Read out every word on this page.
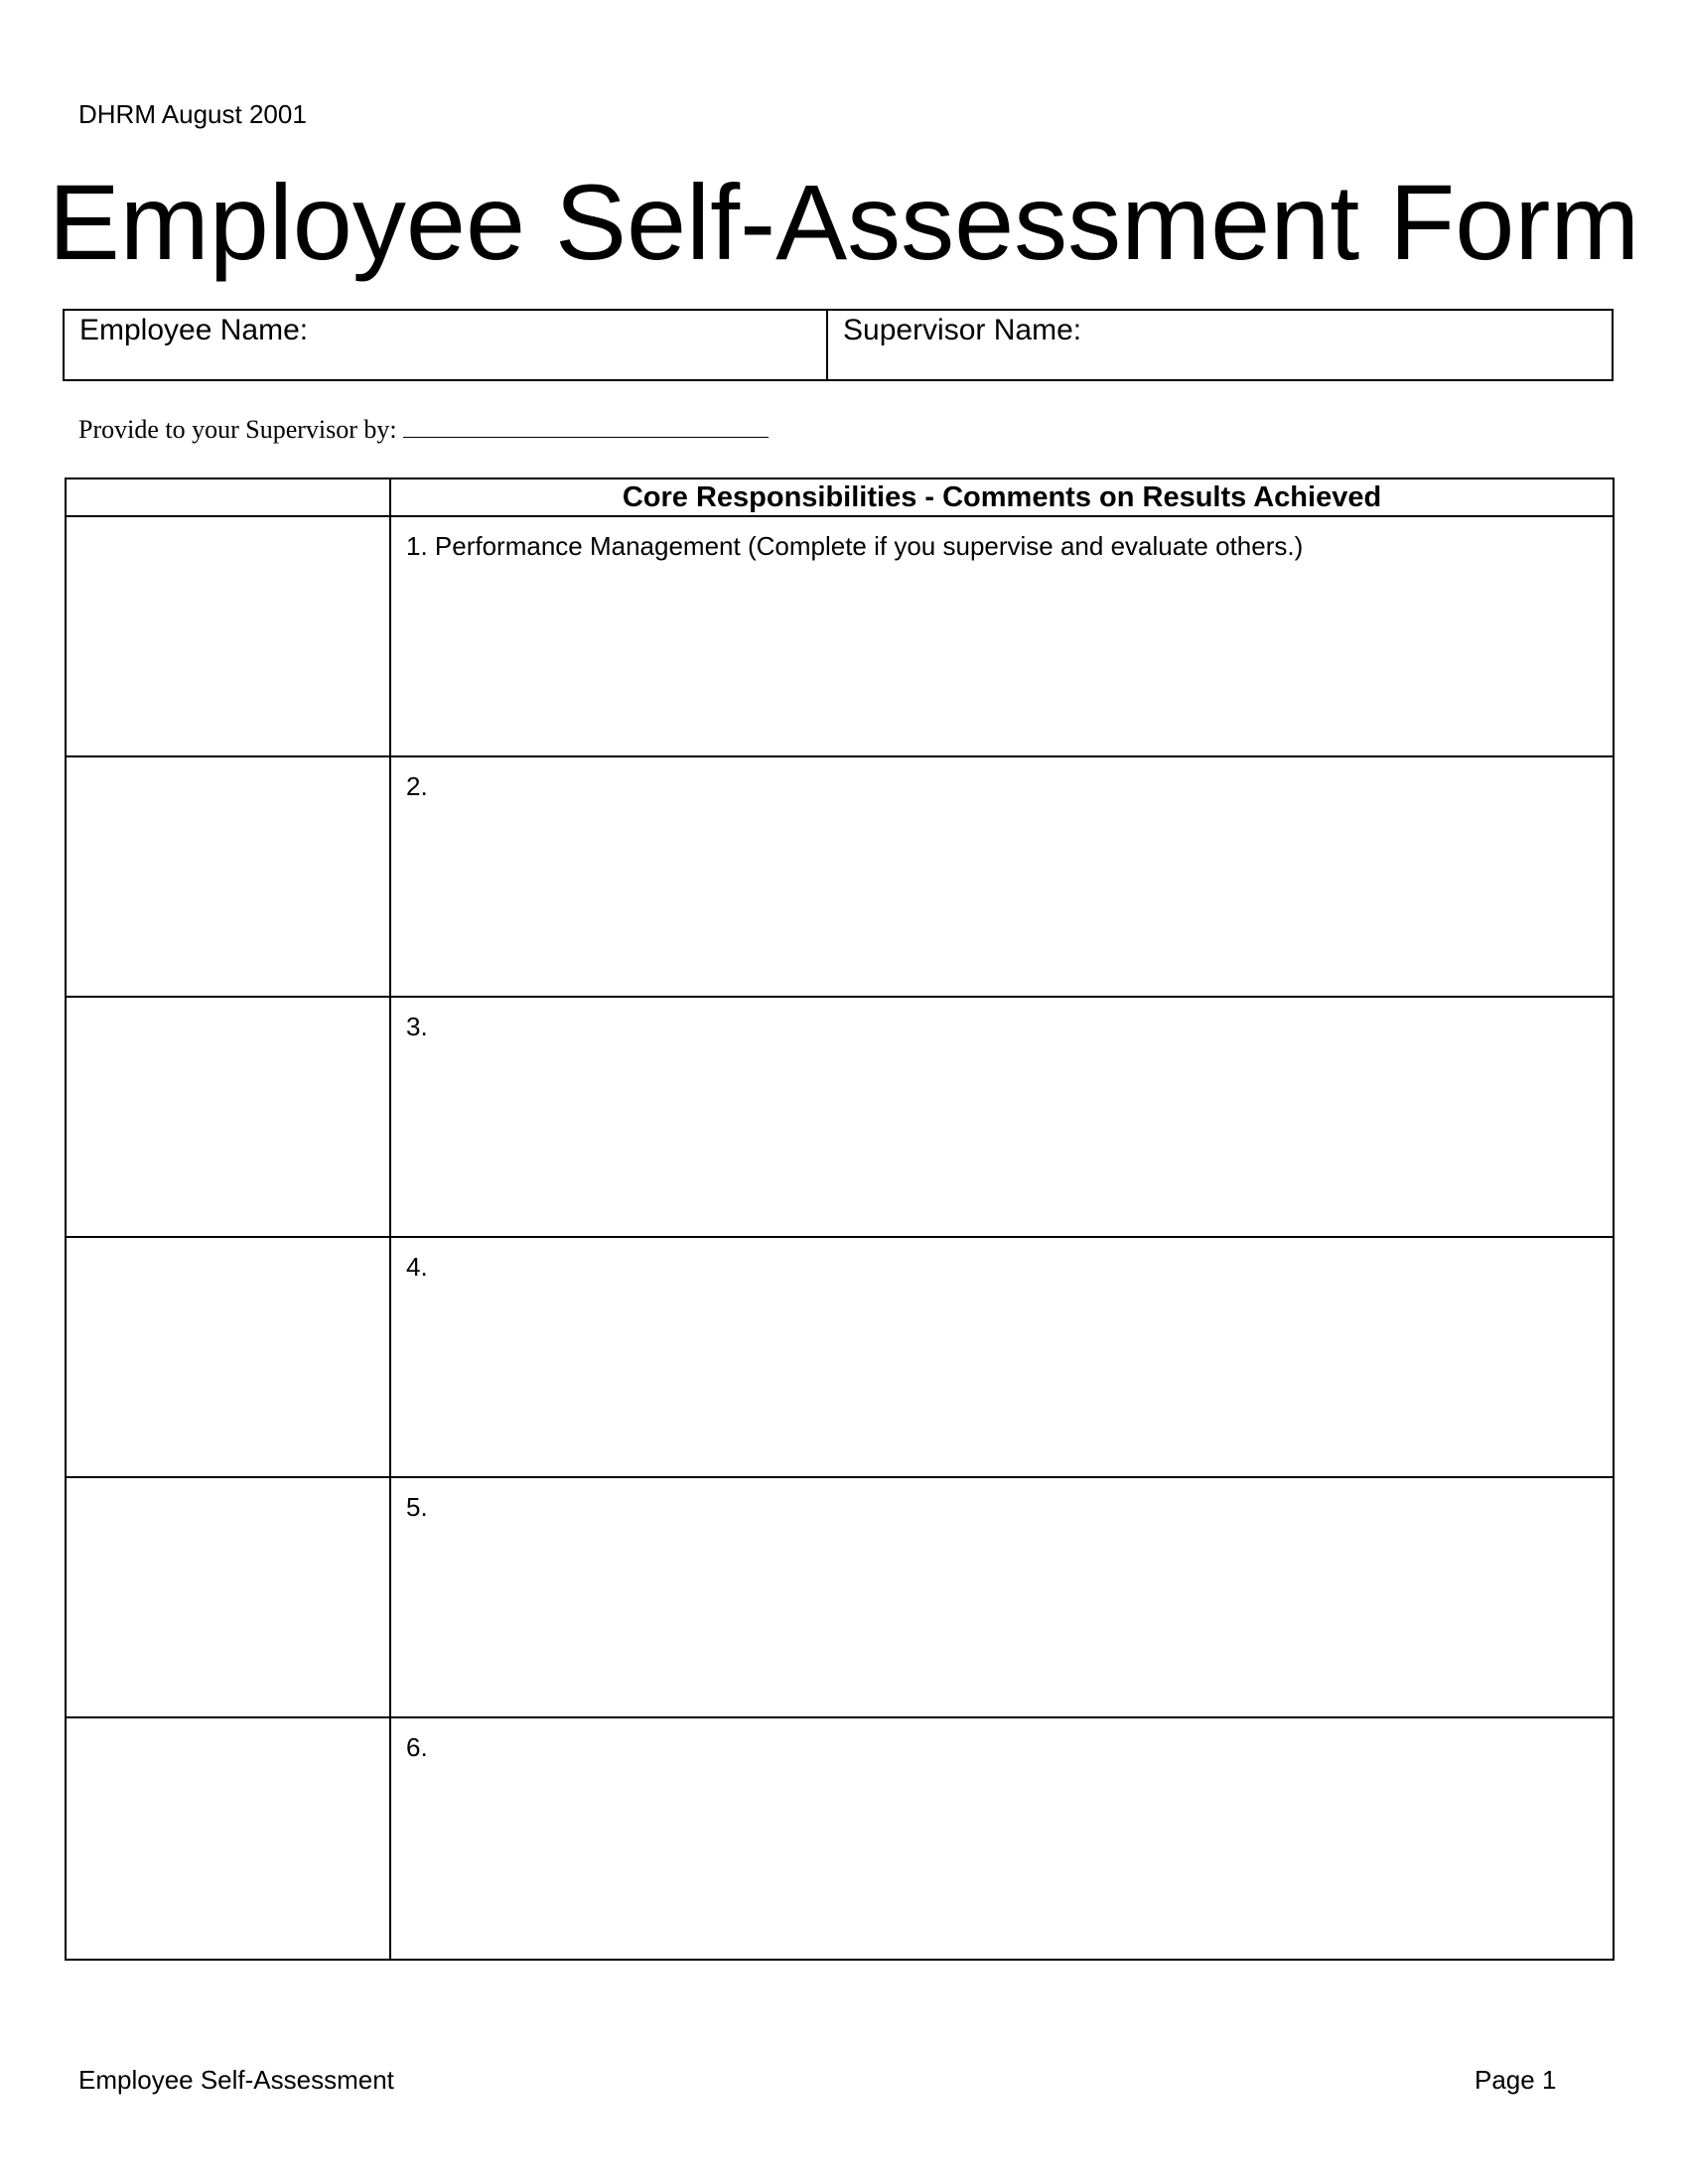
DHRM August 2001
Employee Self-Assessment Form
Employee Name:	Supervisor Name:
Provide to your Supervisor by:
Core Responsibilities - Comments on Results Achieved
1. Performance Management (Complete if you supervise and evaluate others.)
2.
3.
4.
5.
6.
Employee Self-Assessment	Page 1
